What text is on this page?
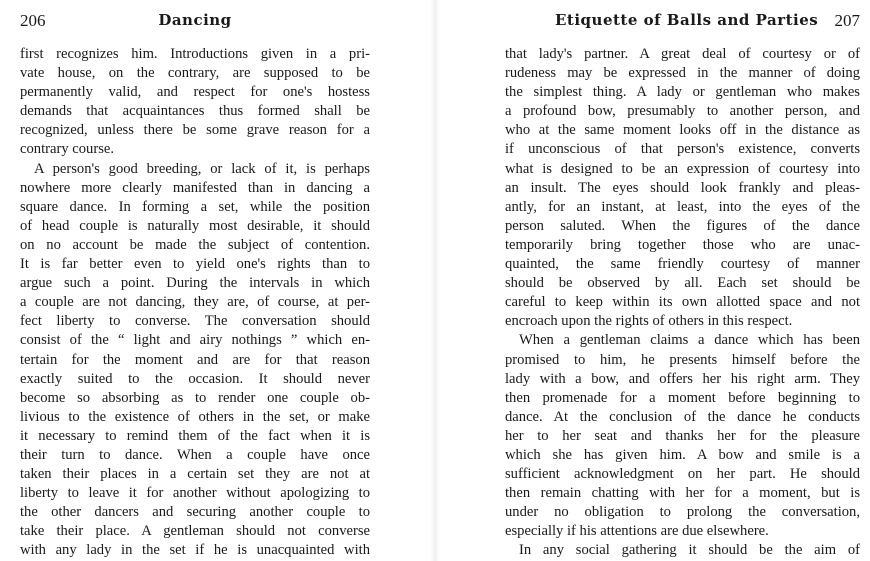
206	Dancing
first recognizes him. Introductions given in a pri-
vate house, on the contrary, are supposed to be
permanently valid, and respect for one's hostess
demands that acquaintances thus formed shall be
recognized, unless there be some grave reason for a
contrary course.
A person's good breeding, or lack of it, is perhaps
nowhere more clearly manifested than in dancing a
square dance. In forming a set, while the position
of head couple is naturally most desirable, it should
on no account be made the subject of contention.
It is far better even to yield one's rights than to
argue such a point. During the intervals in which
a couple are not dancing, they are, of course, at per-
fect liberty to converse. The conversation should
consist of the “ light and airy nothings ” which en-
tertain for the moment and are for that reason
exactly suited to the occasion. It should never
become so absorbing as to render one couple ob-
livious to the existence of others in the set, or make
it necessary to remind them of the fact when it is
their turn to dance. When a couple have once
taken their places in a certain set they are not at
liberty to leave it for another without apologizing to
the other dancers and securing another couple to
take their place. A gentleman should not converse
with any lady in the set if he is unacquainted with
Etiquette of Balls and Parties 207
that lady's partner. A great deal of courtesy or of
rudeness may be expressed in the manner of doing
the simplest thing. A lady or gentleman who makes
a profound bow, presumably to another person, and
who at the same moment looks off in the distance as
if unconscious of that person's existence, converts
what is designed to be an expression of courtesy into
an insult. The eyes should look frankly and pleas-
antly, for an instant, at least, into the eyes of the
person saluted. When the figures of the dance
temporarily bring together those who are unac-
quainted, the same friendly courtesy of manner
should be observed by all. Each set should be
careful to keep within its own allotted space and not
encroach upon the rights of others in this respect.
When a gentleman claims a dance which has been
promised to him, he presents himself before the
lady with a bow, and offers her his right arm. They
then promenade for a moment before beginning to
dance. At the conclusion of the dance he conducts
her to her seat and thanks her for the pleasure
which she has given him. A bow and smile is a
sufficient acknowledgment on her part. He should
then remain chatting with her for a moment, but is
under no obligation to prolong the conversation,
especially if his attentions are due elsewhere.
In any social gathering it should be the aim of
